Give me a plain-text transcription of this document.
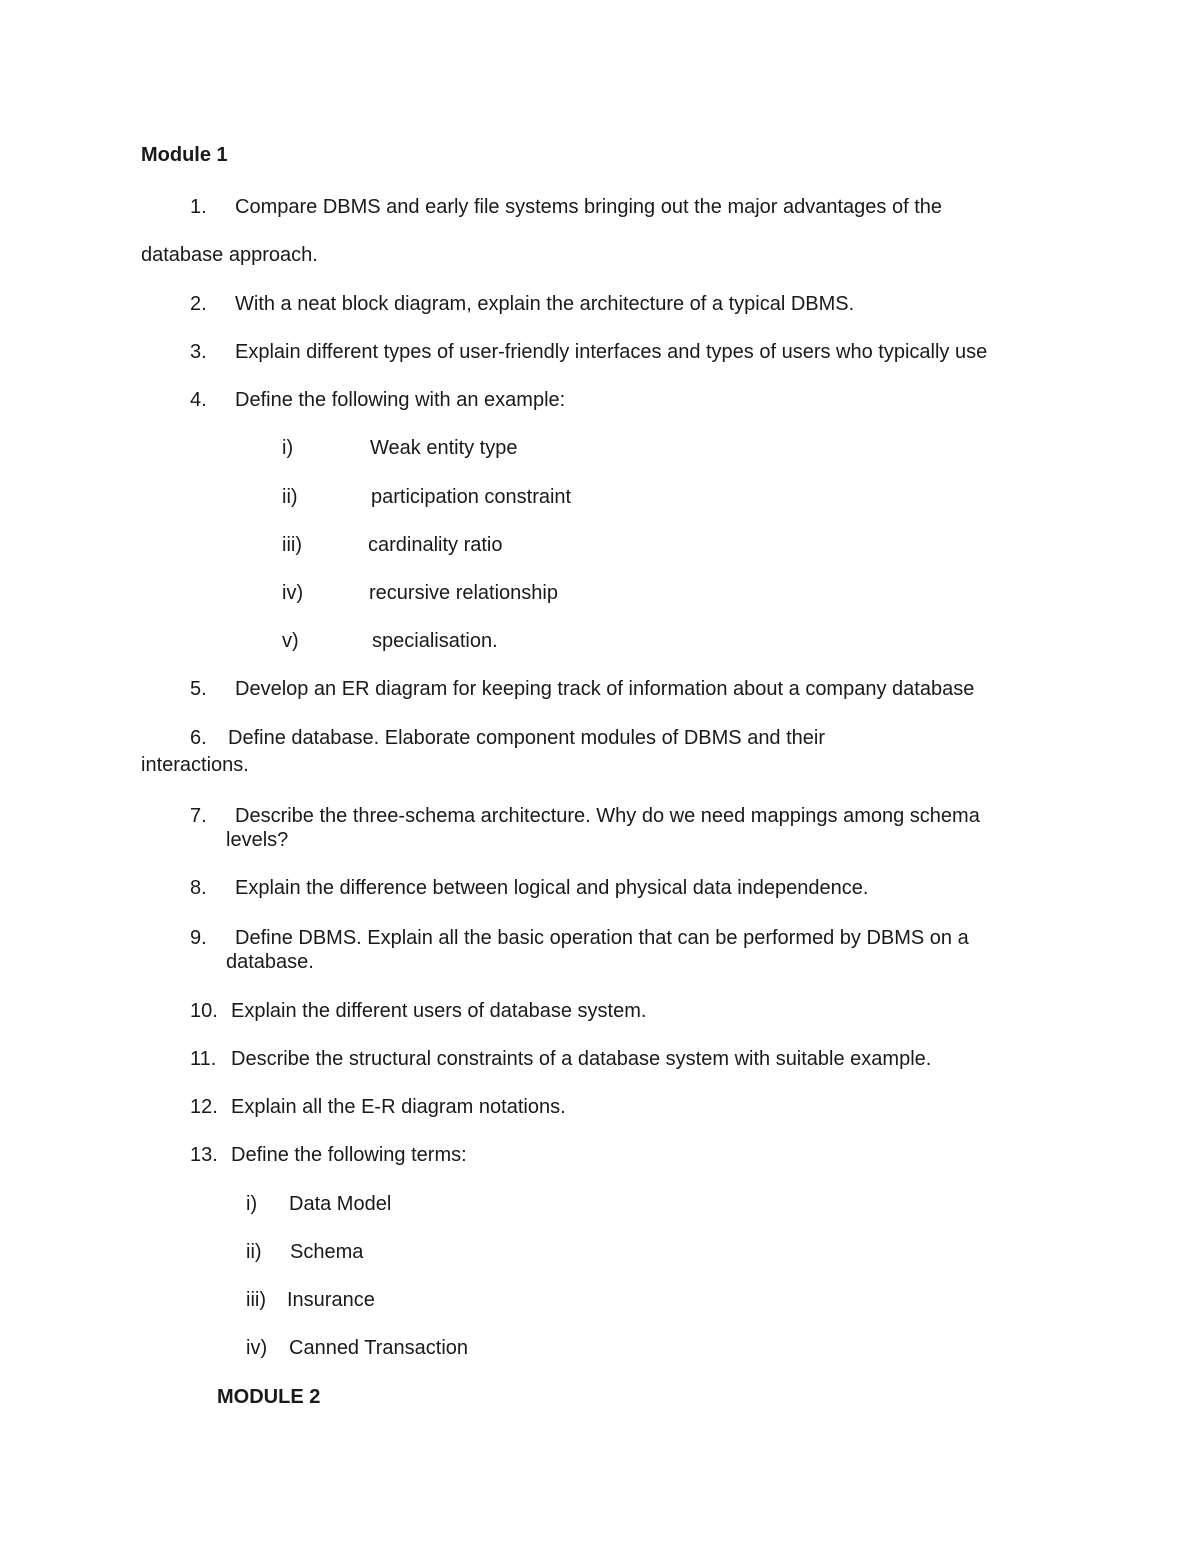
Module 1

1. Compare DBMS and early file systems bringing out the major advantages of the

database approach.

2. With a neat block diagram, explain the architecture of a typical DBMS.

3. Explain different types of user-friendly interfaces and types of users who typically use

4. Define the following with an example:

i)	Weak entity type

ii)	participation constraint

iii)	cardinality ratio

iv)	recursive relationship

v)	specialisation.

5. Develop an ER diagram for keeping track of information about a company database

6. Define database. Elaborate component modules of DBMS and their

interactions.

7. Describe the three-schema architecture. Why do we need mappings among schema

levels?

8. Explain the difference between logical and physical data independence.

9. Define DBMS. Explain all the basic operation that can be performed by DBMS on a

database.

10. Explain the different users of database system.

11. Describe the structural constraints of a database system with suitable example.

12. Explain all the E-R diagram notations.

13. Define the following terms:

i) Data Model

ii) Schema

iii) Insurance

iv) Canned Transaction

MODULE 2
